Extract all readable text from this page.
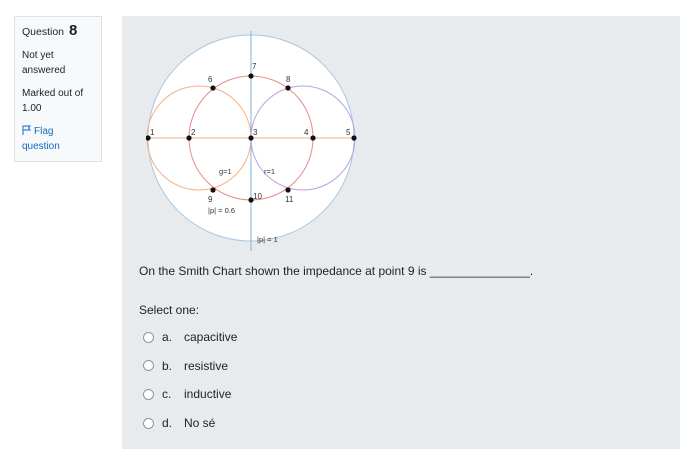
Question 8
Not yet answered
Marked out of 1.00
Flag question
1	2	3	4	5
6
7
8
9	10	11
g=1	r=1
|p| = 0.6
|p| = 1
On the Smith Chart shown the impedance at point 9 is _______________.
Select one:
a. capacitive
b. resistive
c.	inductive
d. No sé
